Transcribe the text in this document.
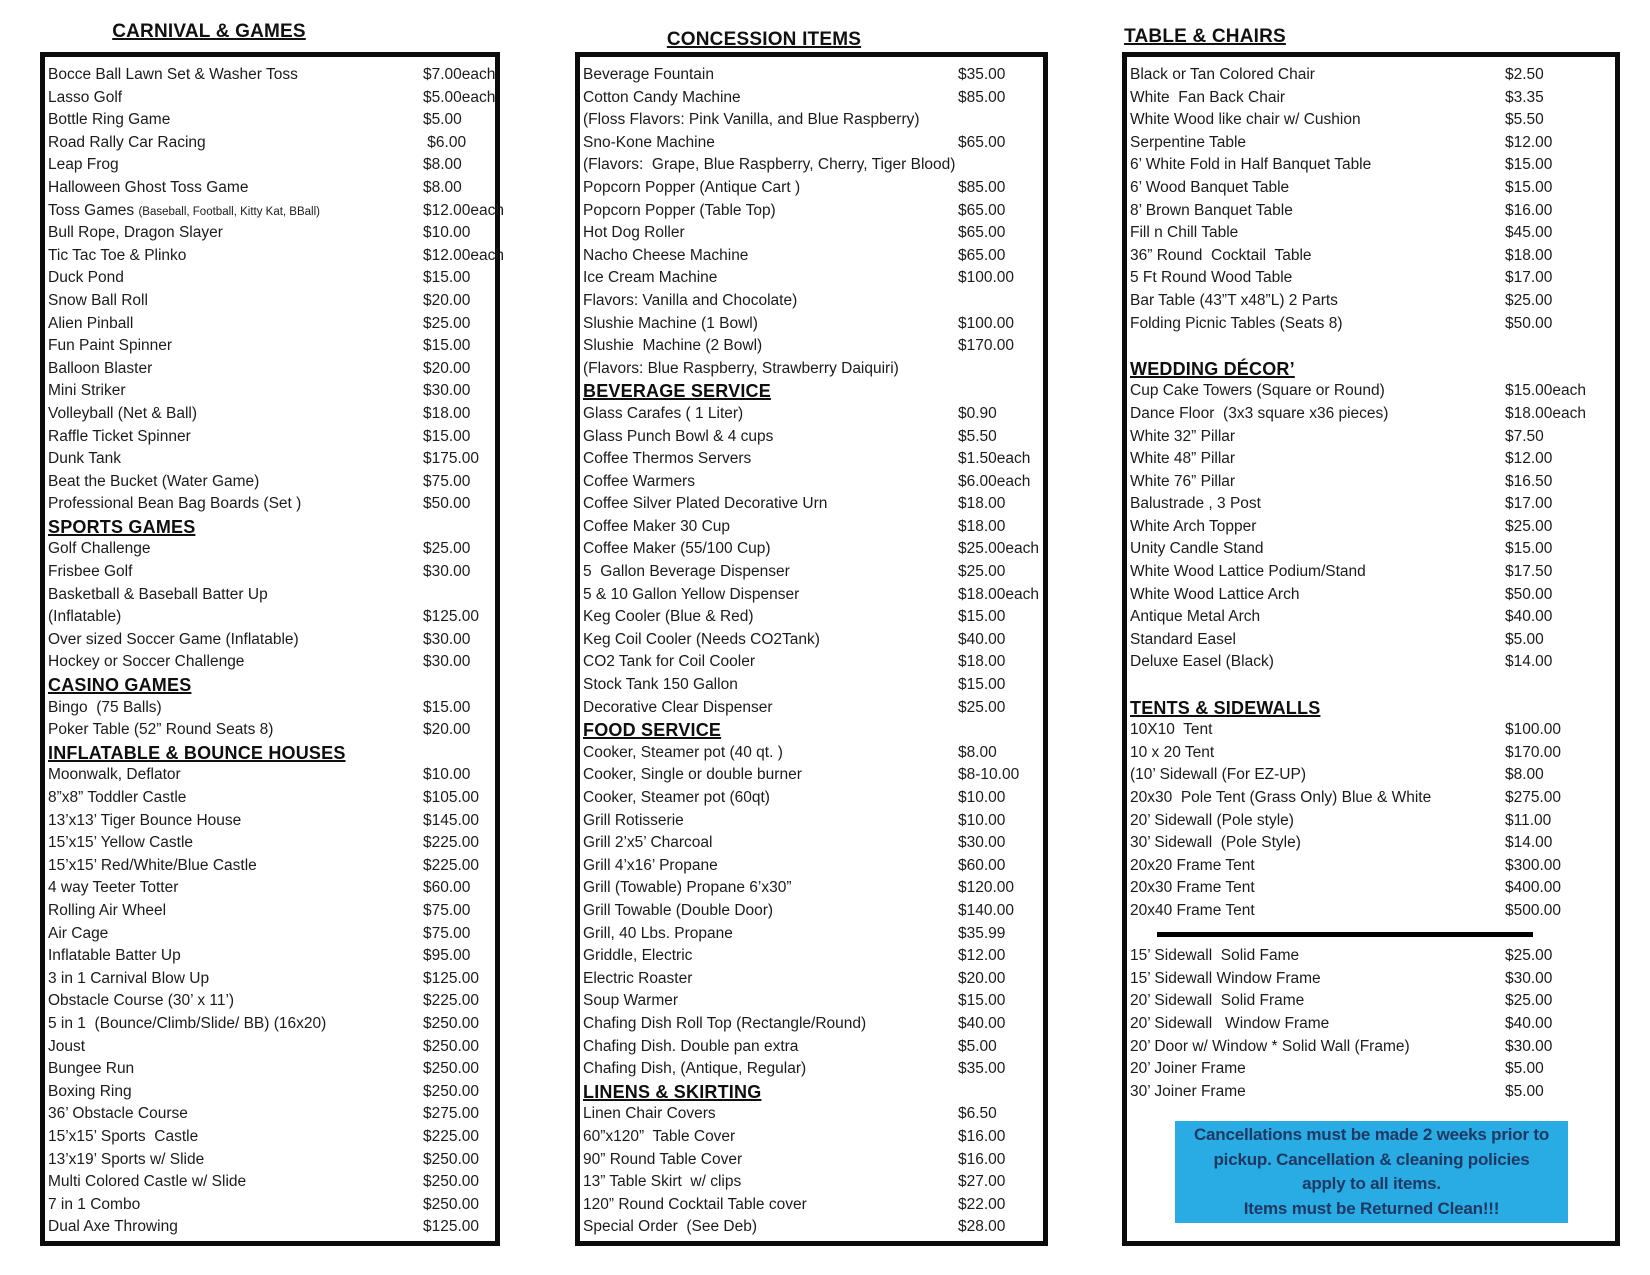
CARNIVAL & GAMES
Bocce Ball Lawn Set & Washer Toss	$7.00each
Lasso Golf	$5.00each
Bottle Ring Game	$5.00
Road Rally Car Racing	$6.00
Leap Frog	$8.00
Halloween Ghost Toss Game	$8.00
Toss Games (Baseball, Football, Kitty Kat, BBall)	$12.00each
Bull Rope, Dragon Slayer	$10.00
Tic Tac Toe & Plinko	$12.00each
Duck Pond	$15.00
Snow Ball Roll	$20.00
Alien Pinball	$25.00
Fun Paint Spinner	$15.00
Balloon Blaster	$20.00
Mini Striker	$30.00
Volleyball (Net & Ball)	$18.00
Raffle Ticket Spinner	$15.00
Dunk Tank	$175.00
Beat the Bucket (Water Game)	$75.00
Professional Bean Bag Boards (Set )	$50.00
SPORTS GAMES
Golf Challenge	$25.00
Frisbee Golf	$30.00
Basketball & Baseball Batter Up
(Inflatable)	$125.00
Over sized Soccer Game (Inflatable)	$30.00
Hockey or Soccer Challenge	$30.00
CASINO GAMES
Bingo  (75 Balls)	$15.00
Poker Table (52” Round Seats 8)	$20.00
INFLATABLE & BOUNCE HOUSES
Moonwalk, Deflator	$10.00
8”x8” Toddler Castle	$105.00
13’x13’ Tiger Bounce House	$145.00
15’x15’ Yellow Castle	$225.00
15’x15’ Red/White/Blue Castle	$225.00
4 way Teeter Totter	$60.00
Rolling Air Wheel	$75.00
Air Cage	$75.00
Inflatable Batter Up	$95.00
3 in 1 Carnival Blow Up	$125.00
Obstacle Course (30’ x 11’)	$225.00
5 in 1  (Bounce/Climb/Slide/ BB) (16x20)	$250.00
Joust	$250.00
Bungee Run	$250.00
Boxing Ring	$250.00
36’ Obstacle Course	$275.00
15’x15’ Sports  Castle	$225.00
13’x19’ Sports w/ Slide	$250.00
Multi Colored Castle w/ Slide	$250.00
7 in 1 Combo	$250.00
Dual Axe Throwing	$125.00
CONCESSION ITEMS
Beverage Fountain	$35.00
Cotton Candy Machine	$85.00
(Floss Flavors: Pink Vanilla, and Blue Raspberry)
Sno-Kone Machine	$65.00
(Flavors:  Grape, Blue Raspberry, Cherry, Tiger Blood)
Popcorn Popper (Antique Cart )	$85.00
Popcorn Popper (Table Top)	$65.00
Hot Dog Roller	$65.00
Nacho Cheese Machine	$65.00
Ice Cream Machine	$100.00
Flavors: Vanilla and Chocolate)
Slushie Machine (1 Bowl)	$100.00
Slushie  Machine (2 Bowl)	$170.00
(Flavors: Blue Raspberry, Strawberry Daiquiri)
BEVERAGE SERVICE
Glass Carafes ( 1 Liter)	$0.90
Glass Punch Bowl & 4 cups	$5.50
Coffee Thermos Servers	$1.50each
Coffee Warmers	$6.00each
Coffee Silver Plated Decorative Urn	$18.00
Coffee Maker 30 Cup	$18.00
Coffee Maker (55/100 Cup)	$25.00each
5  Gallon Beverage Dispenser	$25.00
5 & 10 Gallon Yellow Dispenser	$18.00each
Keg Cooler (Blue & Red)	$15.00
Keg Coil Cooler (Needs CO2Tank)	$40.00
CO2 Tank for Coil Cooler	$18.00
Stock Tank 150 Gallon	$15.00
Decorative Clear Dispenser	$25.00
FOOD SERVICE
Cooker, Steamer pot (40 qt. )	$8.00
Cooker, Single or double burner	$8-10.00
Cooker, Steamer pot (60qt)	$10.00
Grill Rotisserie	$10.00
Grill 2’x5’ Charcoal	$30.00
Grill 4’x16’ Propane	$60.00
Grill (Towable) Propane 6’x30”	$120.00
Grill Towable (Double Door)	$140.00
Grill, 40 Lbs. Propane	$35.99
Griddle, Electric	$12.00
Electric Roaster	$20.00
Soup Warmer	$15.00
Chafing Dish Roll Top (Rectangle/Round)	$40.00
Chafing Dish. Double pan extra	$5.00
Chafing Dish, (Antique, Regular)	$35.00
LINENS & SKIRTING
Linen Chair Covers	$6.50
60”x120”  Table Cover	$16.00
90” Round Table Cover	$16.00
13” Table Skirt  w/ clips	$27.00
120” Round Cocktail Table cover	$22.00
Special Order  (See Deb)	$28.00
TABLE & CHAIRS
Black or Tan Colored Chair	$2.50
White  Fan Back Chair	$3.35
White Wood like chair w/ Cushion	$5.50
Serpentine Table	$12.00
6’ White Fold in Half Banquet Table	$15.00
6’ Wood Banquet Table	$15.00
8’ Brown Banquet Table	$16.00
Fill n Chill Table	$45.00
36” Round  Cocktail  Table	$18.00
5 Ft Round Wood Table	$17.00
Bar Table (43”T x48”L) 2 Parts	$25.00
Folding Picnic Tables (Seats 8)	$50.00
WEDDING DÉCOR’
Cup Cake Towers (Square or Round)	$15.00each
Dance Floor  (3x3 square x36 pieces)	$18.00each
White 32” Pillar	$7.50
White 48” Pillar	$12.00
White 76” Pillar	$16.50
Balustrade , 3 Post	$17.00
White Arch Topper	$25.00
Unity Candle Stand	$15.00
White Wood Lattice Podium/Stand	$17.50
White Wood Lattice Arch	$50.00
Antique Metal Arch	$40.00
Standard Easel	$5.00
Deluxe Easel (Black)	$14.00
TENTS & SIDEWALLS
10X10  Tent	$100.00
10 x 20 Tent	$170.00
(10’ Sidewall (For EZ-UP)	$8.00
20x30  Pole Tent (Grass Only) Blue & White	$275.00
20’ Sidewall (Pole style)	$11.00
30’ Sidewall  (Pole Style)	$14.00
20x20 Frame Tent	$300.00
20x30 Frame Tent	$400.00
20x40 Frame Tent	$500.00
15’ Sidewall  Solid Fame	$25.00
15’ Sidewall Window Frame	$30.00
20’ Sidewall  Solid Frame	$25.00
20’ Sidewall   Window Frame	$40.00
20’ Door w/ Window * Solid Wall (Frame)	$30.00
20’ Joiner Frame	$5.00
30’ Joiner Frame	$5.00
Cancellations must be made 2 weeks prior to
pickup. Cancellation & cleaning policies
apply to all items.
Items must be Returned Clean!!!
